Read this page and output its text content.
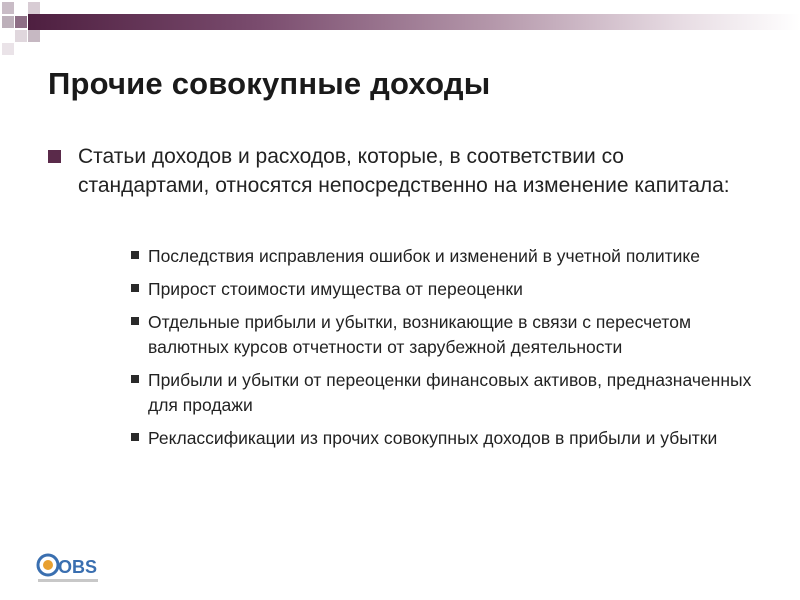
Прочие совокупные доходы
Статьи доходов и расходов, которые, в соответствии со стандартами, относятся непосредственно на изменение капитала:
Последствия исправления ошибок и изменений в учетной политике
Прирост стоимости имущества от переоценки
Отдельные прибыли и убытки, возникающие в связи с пересчетом валютных курсов отчетности от зарубежной деятельности
Прибыли и убытки от переоценки финансовых активов, предназначенных для продажи
Реклассификации из прочих совокупных доходов в прибыли и убытки
OBS
